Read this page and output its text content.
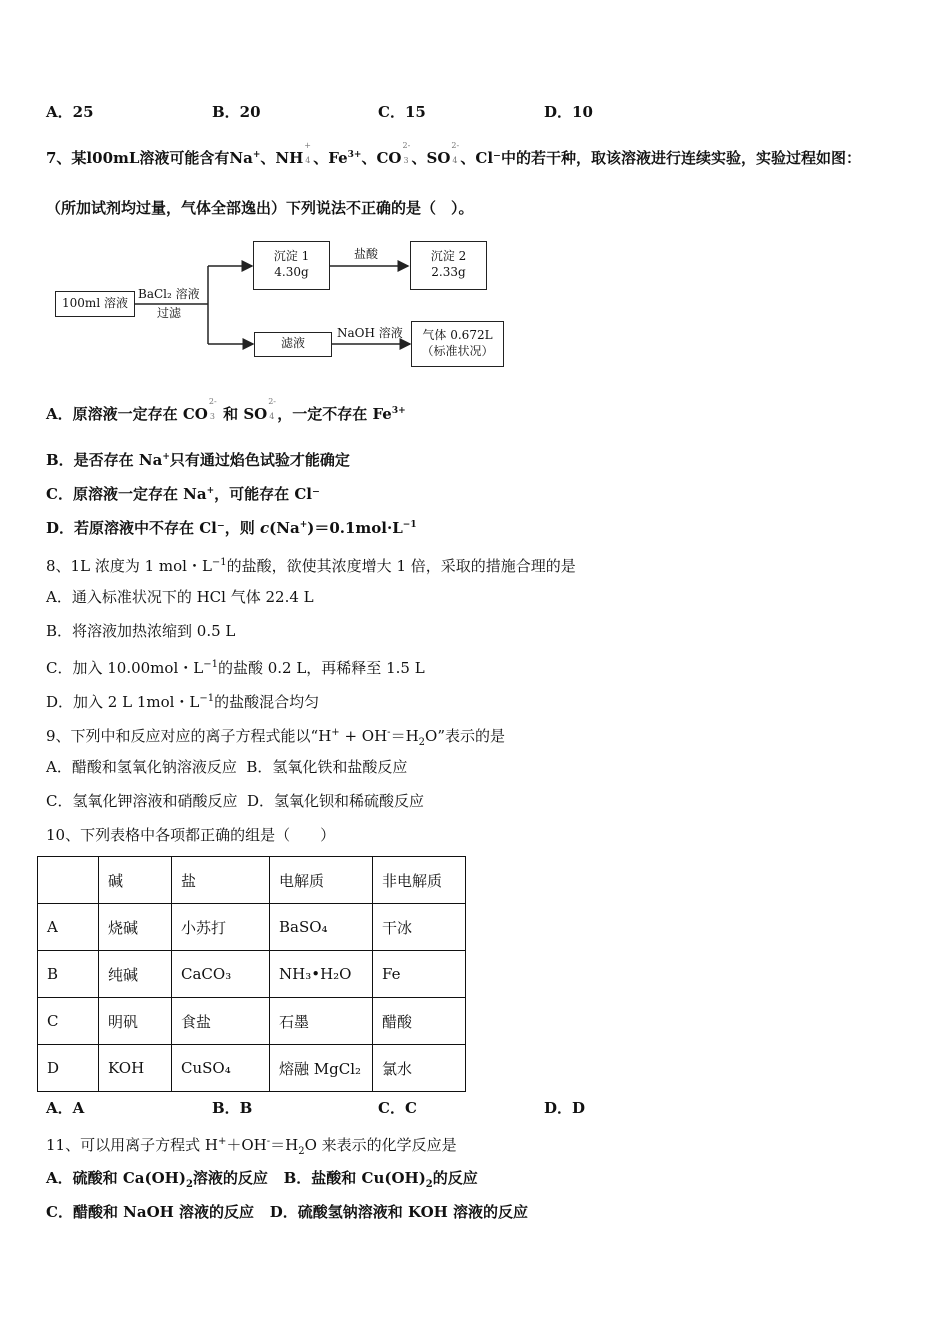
A．25	B．20	C．15	D．10
7、某l00mL溶液可能含有Na+、NH
+
4 、$Fe^{3+}$、CO
2-
3 、SO
2-
4 、Cl⁻中的若干种，取该溶液进行连续实验，实验过程如图：
（所加试剂均过量，气体全部逸出）下列说法不正确的是（　）。
100ml 溶液
BaCl₂ 溶液
过滤
沉淀 1
4.30g
盐酸	沉淀 2
2.33g
滤液
NaOH 溶液	气体 0.672L
（标准状况）
A．原溶液一定存在 CO
2-
3 和 SO
2-
4 ，一定不存在 $Fe^{3+}$
B．是否存在 Na+只有通过焰色试验才能确定
C．原溶液一定存在 Na+，可能存在 Cl⁻
D．若原溶液中不存在 Cl⁻，则 $c(Na^+)=0.1mol\cdot L^{-1}$
8、1L 浓度为 1 mol・$L^{-1}$的盐酸，欲使其浓度增大 1 倍，采取的措施合理的是
A．通入标准状况下的 HCl 气体 22.4 L
B．将溶液加热浓缩到 0.5 L
C．加入 10.00mol・$L^{-1}$的盐酸 0.2 L，再稀释至 1.5 L
D．加入 2 L 1mol・$L^{-1}$的盐酸混合均匀
9、下列中和反应对应的离子方程式能以“$H^+ + OH^-=H_2O$”表示的是
A．醋酸和氢氧化钠溶液反应 B．氢氧化铁和盐酸反应
C．氢氧化钾溶液和硝酸反应 D．氢氧化钡和稀硫酸反应
10、下列表格中各项都正确的组是（　　）
	碱	盐	电解质	非电解质
A	烧碱	小苏打	BaSO₄	干冰
B	纯碱	CaCO₃	NH₃•H₂O	Fe
C	明矾	食盐	石墨	醋酸
D	KOH	CuSO₄	熔融 MgCl₂	氯水
A．A	B．B	C．C	D．D
11、可以用离子方程式 $H^++OH^-=H_2O$ 来表示的化学反应是
A．硫酸和 $Ca(OH)_2$溶液的反应 B．盐酸和 $Cu(OH)_2$的反应
C．醋酸和 NaOH 溶液的反应 D．硫酸氢钠溶液和 KOH 溶液的反应
